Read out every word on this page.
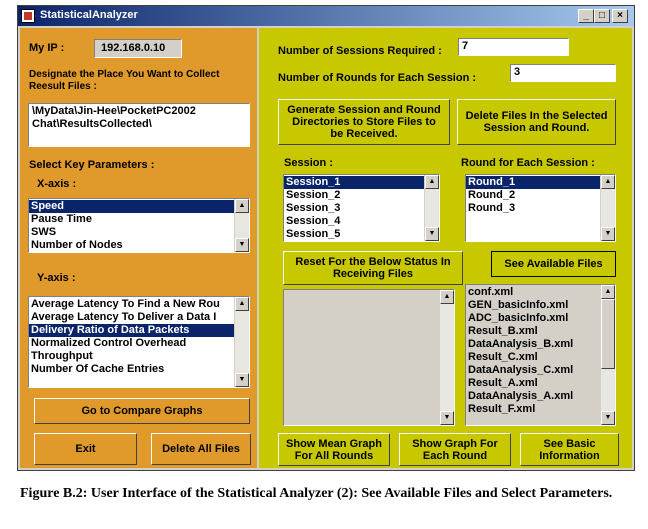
StatisticalAnalyzer	_	□	×
My IP :	192.168.0.10
Designate the Place You Want to Collect Reesult Files :
\MyData\Jin-Hee\PocketPC2002 Chat\ResultsCollected\
Select Key Parameters :
X-axis :
Speed
Pause Time
SWS
Number of Nodes
▲
▼
Y-axis :
Average Latency To Find a New Rou
Average Latency To Deliver a Data I
Delivery Ratio of Data Packets
Normalized Control Overhead
Throughput
Number Of Cache Entries
▲
▼
Go to Compare Graphs
Exit	Delete All Files
Number of Sessions Required :	7
Number of Rounds for Each Session :	3
Generate Session and Round Directories to Store Files to be Received.
Delete Files In the Selected Session and Round.
Session :	Round for Each Session :
Session_1
Session_2
Session_3
Session_4
Session_5
▲
▼
Round_1
Round_2
Round_3
▲
▼
Reset For the Below Status In Receiving Files
See Available Files
▲
▼
conf.xml
GEN_basicInfo.xml
ADC_basicInfo.xml
Result_B.xml
DataAnalysis_B.xml
Result_C.xml
DataAnalysis_C.xml
Result_A.xml
DataAnalysis_A.xml
Result_F.xml
▲
▼
Show Mean Graph For All Rounds
Show Graph For Each Round
See Basic Information
Figure B.2: User Interface of the Statistical Analyzer (2): See Available Files and Select Parameters.
